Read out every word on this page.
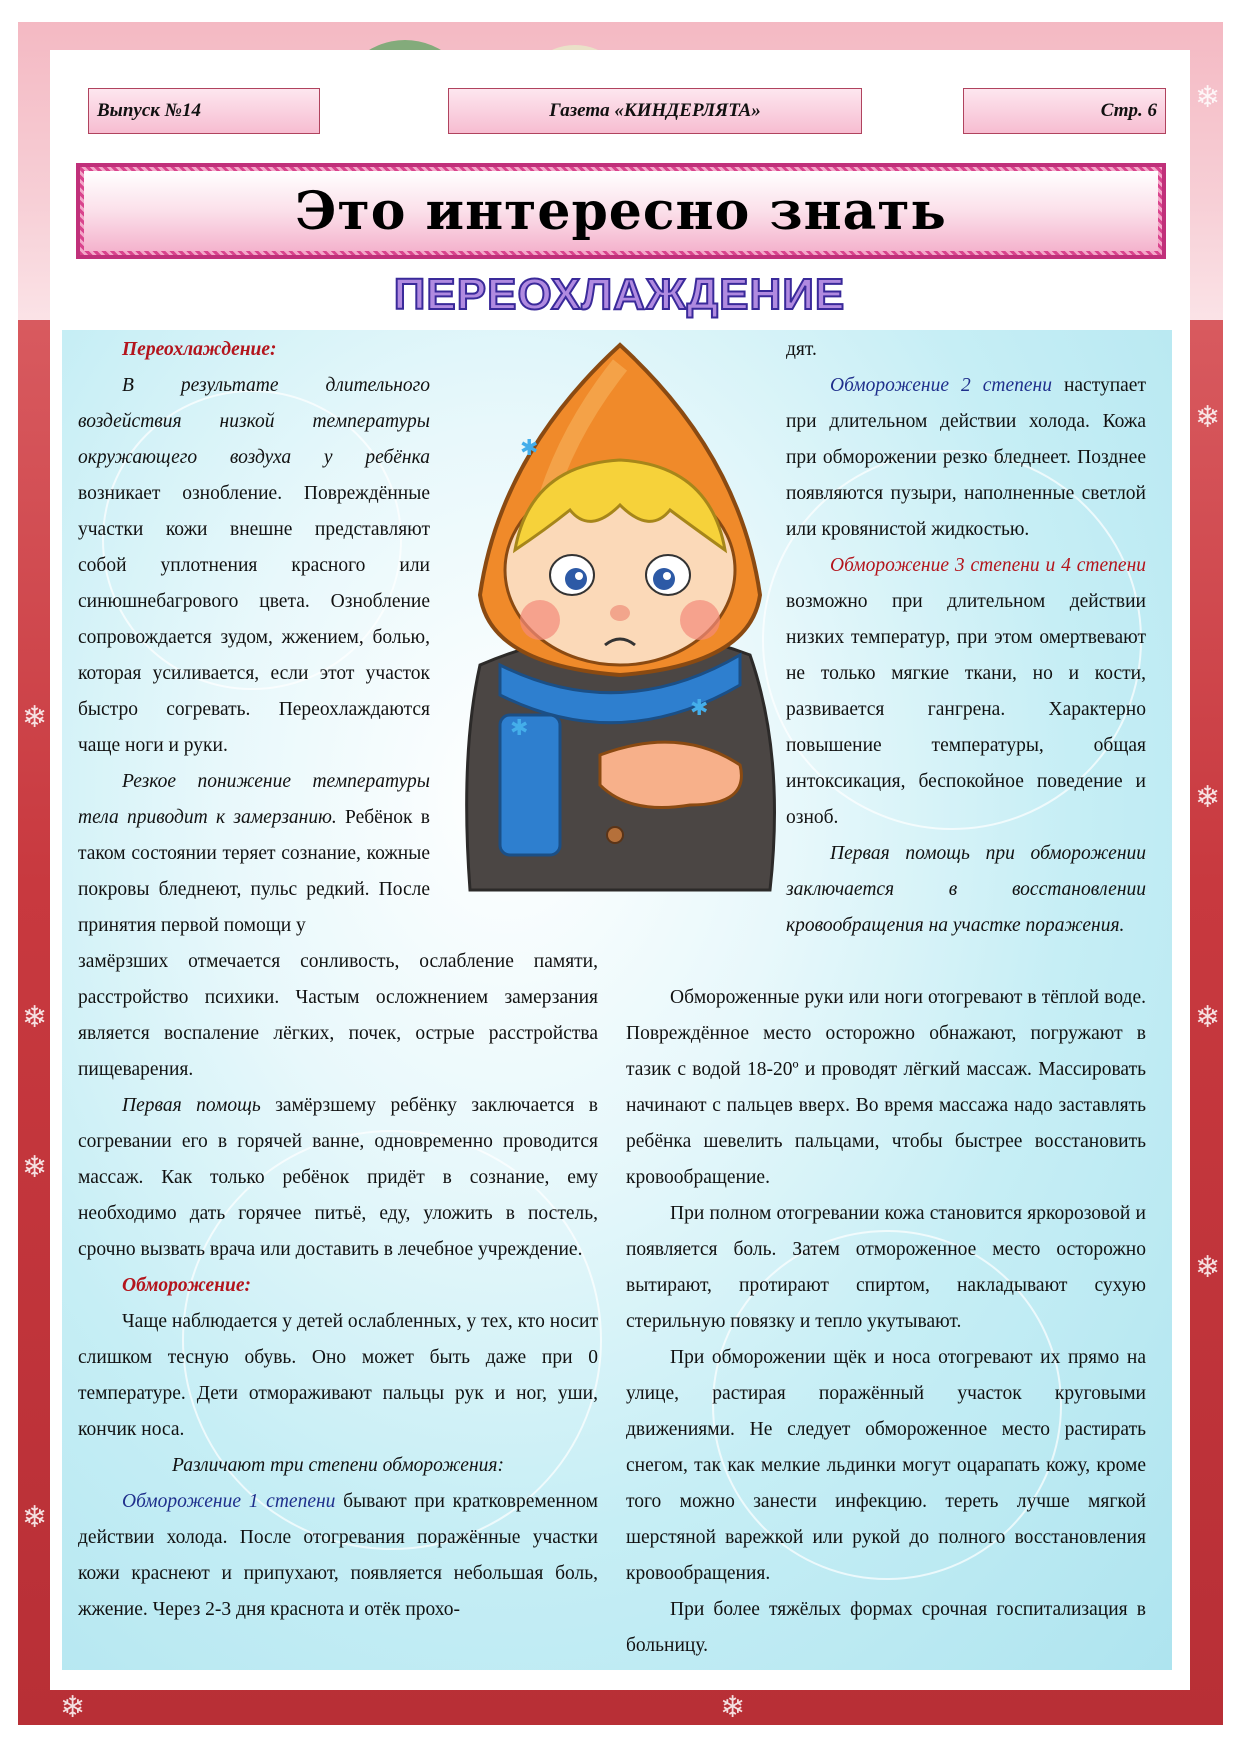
❄
❄
❄
❄
❄
❄
❄
❄
❄
❄	❄
Выпуск №14	Газета «КИНДЕРЛЯТА»	Стр. 6
Это интересно знать
ПЕРЕОХЛАЖДЕНИЕ
✱
✱
✱

Переохлаждение:

В результате длительного воздействия низкой температуры окружающего воздуха у ребёнка возникает ознобление. Повреждённые участки кожи внешне представляют собой уплотнения красного или синюшнебагрового цвета. Ознобление сопровождается зудом, жжением, болью, которая усиливается, если этот участок быстро согревать. Переохлаждаются чаще ноги и руки.

Резкое понижение температуры тела приводит к замерзанию. Ребёнок в таком состоянии теряет сознание, кожные покровы бледнеют, пульс редкий. После принятия первой помощи у

замёрзших отмечается сонливость, ослабление памяти, расстройство психики. Частым осложнением замерзания является воспаление лёгких, почек, острые расстройства пищеварения.

Первая помощь замёрзшему ребёнку заключается в согревании его в горячей ванне, одновременно проводится массаж. Как только ребёнок придёт в сознание, ему необходимо дать горячее питьё, еду, уложить в постель, срочно вызвать врача или доставить в лечебное учреждение.

Обморожение:

Чаще наблюдается у детей ослабленных, у тех, кто носит слишком тесную обувь. Оно может быть даже при 0 температуре. Дети отмораживают пальцы рук и ног, уши, кончик носа.

Различают три степени обморожения:

Обморожение 1 степени бывают при кратковременном действии холода. После отогревания поражённые участки кожи краснеют и припухают, появляется небольшая боль, жжение. Через 2-3 дня краснота и отёк прохо-

дят.

Обморожение 2 степени наступает при длительном действии холода. Кожа при обморожении резко бледнеет. Позднее появляются пузыри, наполненные светлой или кровянистой жидкостью.

Обморожение 3 степени и 4 степени возможно при длительном действии низких температур, при этом омертвевают не только мягкие ткани, но и кости, развивается гангрена. Характерно повышение температуры, общая интоксикация, беспокойное поведение и озноб.

Первая помощь при обморожении заключается в восстановлении кровообращения на участке поражения.

Обмороженные руки или ноги отогревают в тёплой воде. Повреждённое место осторожно обнажают, погружают в тазик с водой 18-20º и проводят лёгкий массаж. Массировать начинают с пальцев вверх. Во время массажа надо заставлять ребёнка шевелить пальцами, чтобы быстрее восстановить кровообращение.

При полном отогревании кожа становится яркорозовой и появляется боль. Затем отмороженное место осторожно вытирают, протирают спиртом, накладывают сухую стерильную повязку и тепло укутывают.

При обморожении щёк и носа отогревают их прямо на улице, растирая поражённый участок круговыми движениями. Не следует обмороженное место растирать снегом, так как мелкие льдинки могут оцарапать кожу, кроме того можно занести инфекцию. тереть лучше мягкой шерстяной варежкой или рукой до полного восстановления кровообращения.

При более тяжёлых формах срочная госпитализация в больницу.
